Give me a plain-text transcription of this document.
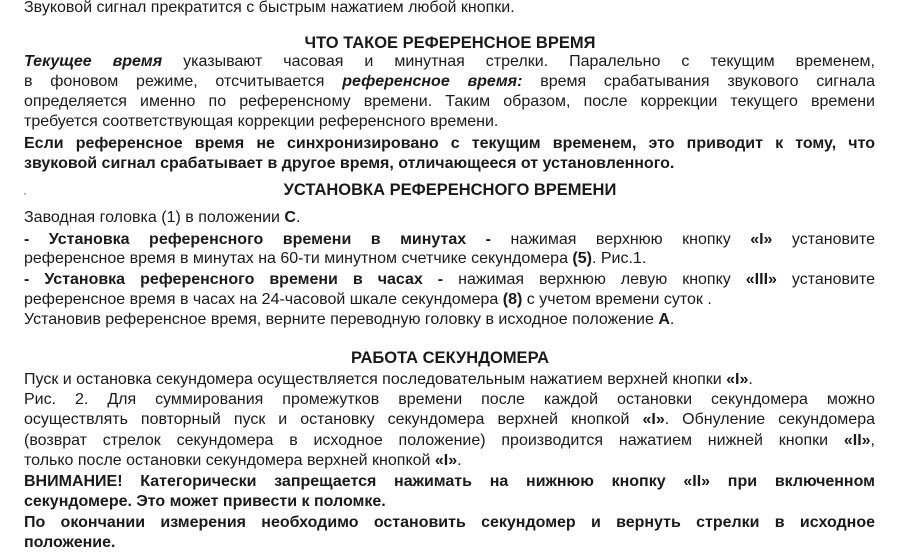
Звуковой сигнал прекратится с быстрым нажатием любой кнопки.
ЧТО ТАКОЕ РЕФЕРЕНСНОЕ ВРЕМЯ
Текущее время указывают часовая и минутная стрелки. Паралельно с текущим временем,
в фоновом режиме, отсчитывается референсное время: время срабатывания звукового сигнала
определяется именно по референсному времени. Таким образом, после коррекции текущего времени
требуется соответствующая коррекции референсного времени.
Если референсное время не синхронизировано с текущим временем, это приводит к тому, что
звуковой сигнал срабатывает в другое время, отличающееся от установленного.
УСТАНОВКА РЕФЕРЕНСНОГО ВРЕМЕНИ
ʼ
Заводная головка (1) в положении С.
- Установка референсного времени в минутах - нажимая верхнюю кнопку «I» установите
референсное время в минутах на 60-ти минутном счетчике секундомера (5). Рис.1.
- Установка референсного времени в часах - нажимая верхнюю левую кнопку «III» установите
референсное время в часах на 24-часовой шкале секундомера (8) с учетом времени суток .
Установив референсное время, верните переводную головку в исходное положение А.
РАБОТА СЕКУНДОМЕРА
Пуск и остановка секундомера осуществляется последовательным нажатием верхней кнопки «I».
Рис. 2. Для суммирования промежутков времени после каждой остановки секундомера можно
осуществлять повторный пуск и остановку секундомера верхней кнопкой «I». Обнуление секундомера
(возврат стрелок секундомера в исходное положение) производится нажатием нижней кнопки «II»,
только после остановки секундомера верхней кнопкой «I».
ВНИМАНИЕ! Категорически запрещается нажимать на нижнюю кнопку «II» при включенном
секундомере. Это может привести к поломке.
По окончании измерения необходимо остановить секундомер и вернуть стрелки в исходное
положение.
